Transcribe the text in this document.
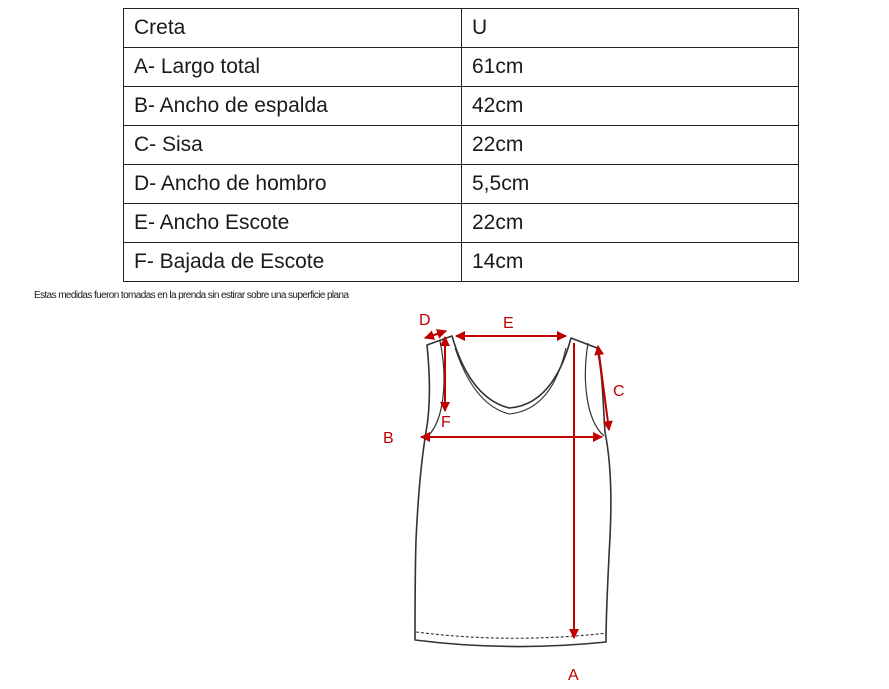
Creta	U
A- Largo total	61cm
B- Ancho de espalda	42cm
C- Sisa	22cm
D- Ancho de hombro	5,5cm
E- Ancho Escote	22cm
F- Bajada de Escote	14cm
Estas medidas fueron tomadas en la prenda sin estirar sobre una superficie plana
A
B
C
D	E
F
